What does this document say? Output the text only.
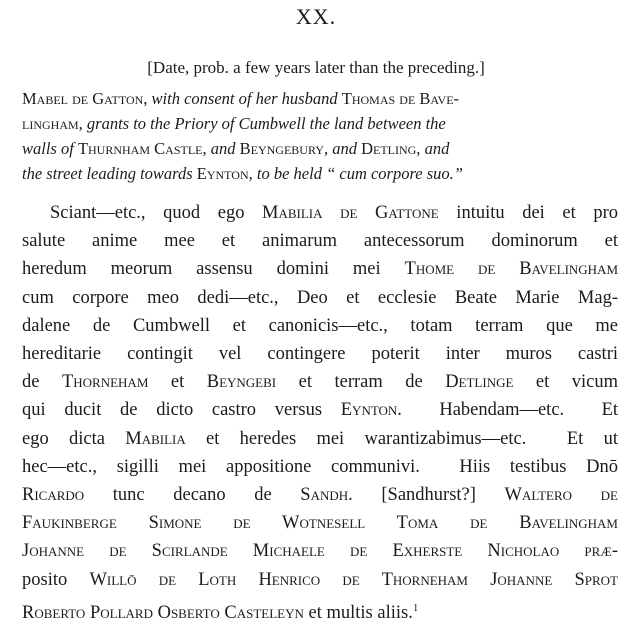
XX.
[Date, prob. a few years later than the preceding.]
Mabel de Gatton, with consent of her husband Thomas de Bave-
lingham, grants to the Priory of Cumbwell the land between the
walls of Thurnham Castle, and Beyngebury, and Detling, and
the street leading towards Eynton, to be held “ cum corpore suo.”
Sciant—etc., quod ego Mabilia de Gattone intuitu dei et pro
salute anime mee et animarum antecessorum dominorum et
heredum meorum assensu domini mei Thome de Bavelingham
cum corpore meo dedi—etc., Deo et ecclesie Beate Marie Mag-
dalene de Cumbwell et canonicis—etc., totam terram que me
hereditarie contingit vel contingere poterit inter muros castri
de Thorneham et Beyngebi et terram de Detlinge et vicum
qui ducit de dicto castro versus Eynton.  Habendam—etc.  Et
ego dicta Mabilia et heredes mei warantizabimus—etc.  Et ut
hec—etc., sigilli mei appositione communivi.  Hiis testibus Dnō
Ricardo tunc decano de Sandh. [Sandhurst?] Waltero de
Faukinberge Simone de Wotnesell Toma de Bavelingham
Johanne de Scirlande Michaele de Exherste Nicholao præ-
posito Willō de Loth Henrico de Thorneham Johanne Sprot
Roberto Pollard Osberto Casteleyn et multis aliis.$^1$
